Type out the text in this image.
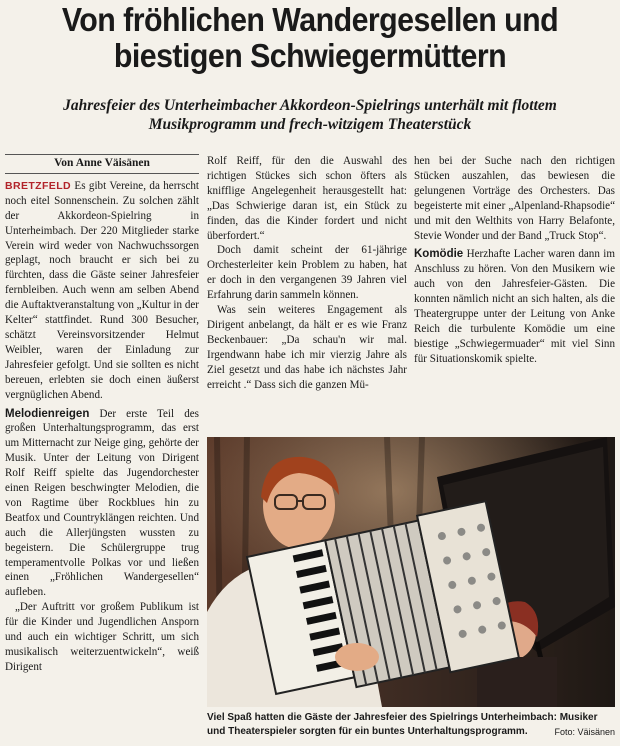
Von fröhlichen Wandergesellen und
biestigen Schwiegermüttern
Jahresfeier des Unterheimbacher Akkordeon-Spielrings unterhält mit flottem
Musikprogramm und frech-witzigem Theaterstück
Von Anne Väisänen

BRETZFELD Es gibt Vereine, da herrscht noch eitel Sonnenschein. Zu solchen zählt der Akkordeon-Spielring in Unterheimbach. Der 220 Mitglieder starke Verein wird weder von Nachwuchssorgen geplagt, noch braucht er sich bei zu fürchten, dass die Gäste seiner Jahresfeier fernbleiben. Auch wenn am selben Abend die Auftaktveranstaltung von „Kultur in der Kelter“ stattfindet. Rund 300 Besucher, schätzt Vereinsvorsitzender Helmut Weibler, waren der Einladung zur Jahresfeier gefolgt. Und sie sollten es nicht bereuen, erlebten sie doch einen äußerst vergnüglichen Abend.

Melodienreigen Der erste Teil des großen Unterhaltungsprogramm, das erst um Mitternacht zur Neige ging, gehörte der Musik. Unter der Leitung von Dirigent Rolf Reiff spielte das Jugendorchester einen Reigen beschwingter Melodien, die von Ragtime über Rockblues hin zu Beatfox und Countryklängen reichten. Und auch die Allerjüngsten wussten zu begeistern. Die Schülergruppe trug temperamentvolle Polkas vor und ließen einen „Fröhlichen Wandergesellen“ aufleben.

„Der Auftritt vor großem Publikum ist für die Kinder und Jugendlichen Ansporn und auch ein wichtiger Schritt, um sich musikalisch weiterzuentwickeln“, weiß Dirigent

Rolf Reiff, für den die Auswahl des richtigen Stückes sich schon öfters als knifflige Angelegenheit herausgestellt hat: „Das Schwierige daran ist, ein Stück zu finden, das die Kinder fordert und nicht überfordert.“

Doch damit scheint der 61-jährige Orchesterleiter kein Problem zu haben, hat er doch in den vergangenen 39 Jahren viel Erfahrung darin sammeln können.

Was sein weiteres Engagement als Dirigent anbelangt, da hält er es wie Franz Beckenbauer: „Da schau'n wir mal. Irgendwann habe ich mir vierzig Jahre als Ziel gesetzt und das habe ich nächstes Jahr erreicht .“ Dass sich die ganzen Mü-

hen bei der Suche nach den richtigen Stücken auszahlen, das bewiesen die gelungenen Vorträge des Orchesters. Das begeisterte mit einer „Alpenland-Rhapsodie“ und mit den Welthits von Harry Belafonte, Stevie Wonder und der Band „Truck Stop“.

Komödie Herzhafte Lacher waren dann im Anschluss zu hören. Von den Musikern wie auch von den Jahresfeier-Gästen. Die konnten nämlich nicht an sich halten, als die Theatergruppe unter der Leitung von Anke Reich die turbulente Komödie um eine biestige „Schwiegermuader“ mit viel Sinn für Situationskomik spielte.

Viel Spaß hatten die Gäste der Jahresfeier des Spielrings Unterheimbach: Musiker und Theaterspieler sorgten für ein buntes Unterhaltungsprogramm.	Foto: Väisänen
